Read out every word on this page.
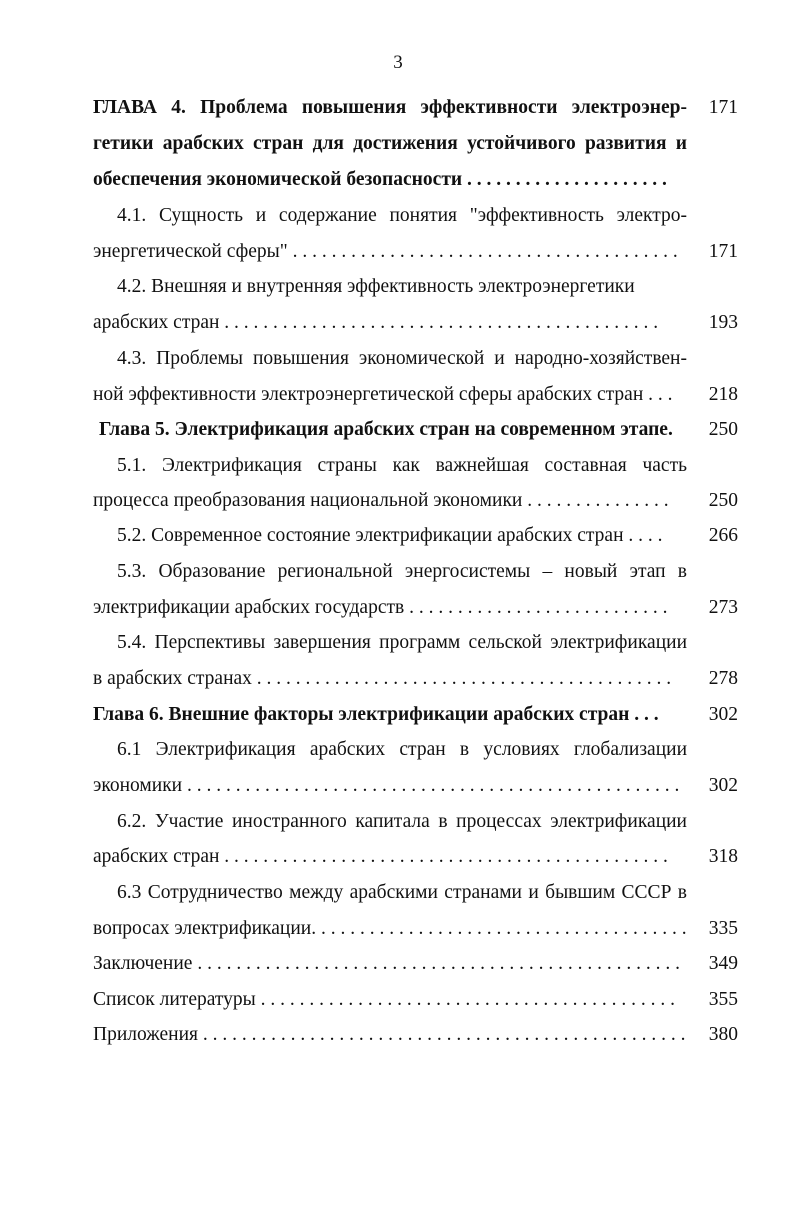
3
ГЛАВА 4. Проблема повышения эффективности электроэнер-
гетики арабских стран для достижения устойчивого развития и
обеспечения экономической безопасности . . . . . . . . . . . . . . . . . . . . .
4.1. Сущность и содержание понятия "эффективность электро-
энергетической сферы" . . . . . . . . . . . . . . . . . . . . . . . . . . . . . . . . . . . . . . . .
4.2. Внешняя и внутренняя эффективность электроэнергетики
арабских стран . . . . . . . . . . . . . . . . . . . . . . . . . . . . . . . . . . . . . . . . . . . . .
4.3. Проблемы повышения экономической и народно-хозяйствен-
ной эффективности электроэнергетической сферы арабских стран . . .
Глава 5. Электрификация арабских стран на современном этапе.
5.1. Электрификация страны как важнейшая составная часть
процесса преобразования национальной экономики . . . . . . . . . . . . . . .
5.2. Современное состояние электрификации арабских стран . . . .
5.3. Образование региональной энергосистемы – новый этап в
электрификации арабских государств . . . . . . . . . . . . . . . . . . . . . . . . . . .
5.4. Перспективы завершения программ сельской электрификации
в арабских странах . . . . . . . . . . . . . . . . . . . . . . . . . . . . . . . . . . . . . . . . . . .
Глава 6. Внешние факторы электрификации арабских стран . . .
6.1 Электрификация арабских стран в условиях глобализации
экономики . . . . . . . . . . . . . . . . . . . . . . . . . . . . . . . . . . . . . . . . . . . . . . . . . . .
6.2. Участие иностранного капитала в процессах электрификации
арабских стран . . . . . . . . . . . . . . . . . . . . . . . . . . . . . . . . . . . . . . . . . . . . . .
6.3 Сотрудничество между арабскими странами и бывшим СССР в
вопросах электрификации. . . . . . . . . . . . . . . . . . . . . . . . . . . . . . . . . . . . . . .
Заключение . . . . . . . . . . . . . . . . . . . . . . . . . . . . . . . . . . . . . . . . . . . . . . . . . .
Список литературы . . . . . . . . . . . . . . . . . . . . . . . . . . . . . . . . . . . . . . . . . . .
Приложения . . . . . . . . . . . . . . . . . . . . . . . . . . . . . . . . . . . . . . . . . . . . . . . . . .
171
171
193
218
250
250
266
273
278
302
302
318
335
349
355
380
